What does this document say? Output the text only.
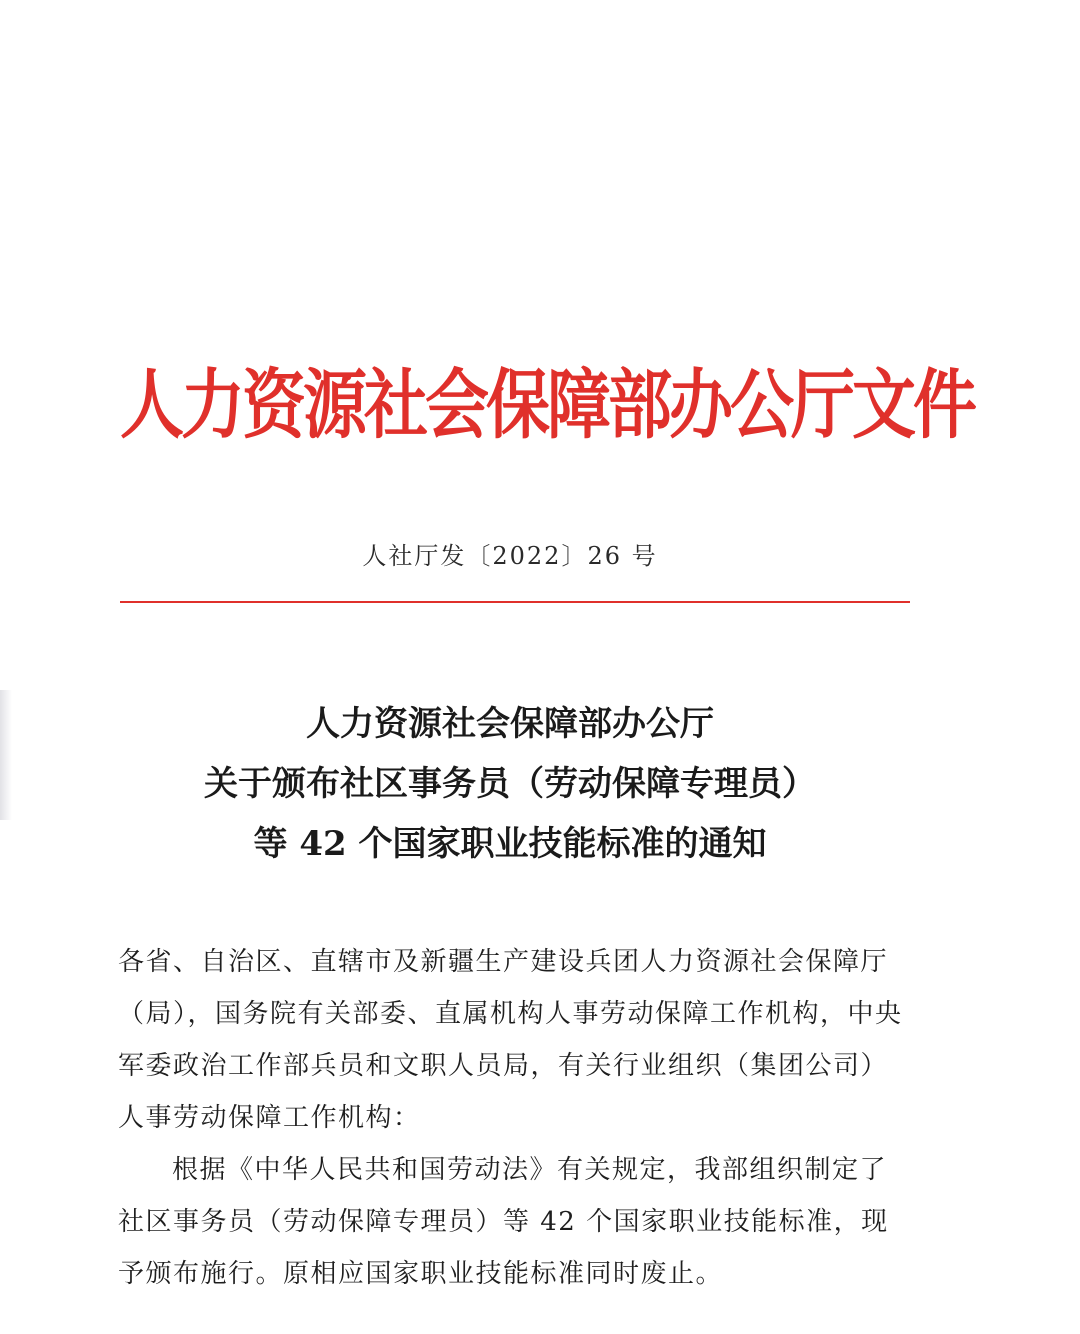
人力资源社会保障部办公厅文件
人社厅发〔2022〕26 号
人力资源社会保障部办公厅
关于颁布社区事务员（劳动保障专理员）
等 42 个国家职业技能标准的通知
各省、自治区、直辖市及新疆生产建设兵团人力资源社会保障厅
（局），国务院有关部委、直属机构人事劳动保障工作机构，中央
军委政治工作部兵员和文职人员局，有关行业组织（集团公司）
人事劳动保障工作机构：
根据《中华人民共和国劳动法》有关规定，我部组织制定了
社区事务员（劳动保障专理员）等 42 个国家职业技能标准，现
予颁布施行。原相应国家职业技能标准同时废止。
